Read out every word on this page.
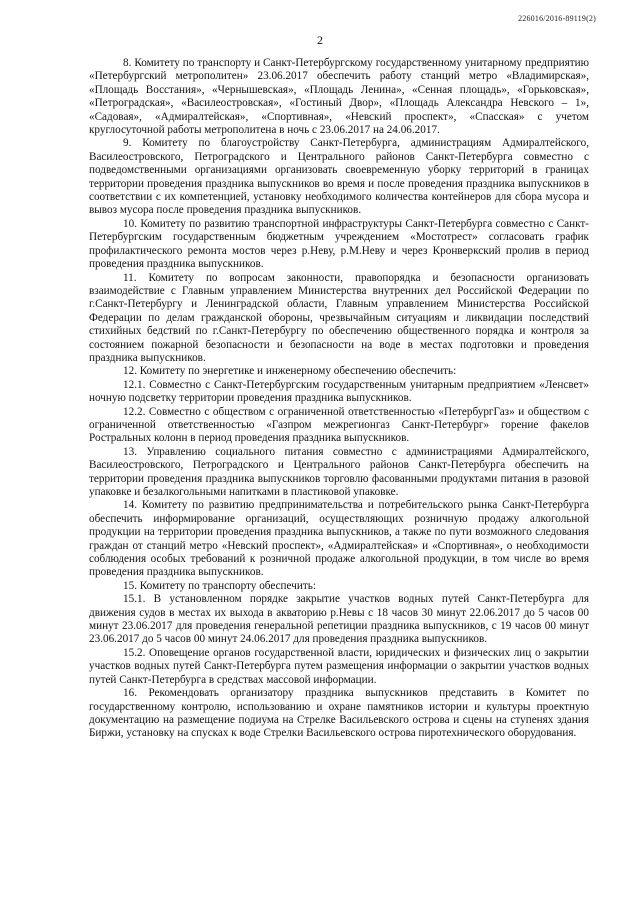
226016/2016-89119(2)
2

8. Комитету по транспорту и Санкт-Петербургскому государственному унитарному предприятию «Петербургский метрополитен» 23.06.2017 обеспечить работу станций метро «Владимирская», «Площадь Восстания», «Чернышевская», «Площадь Ленина», «Сенная площадь», «Горьковская», «Петроградская», «Василеостровская», «Гостиный Двор», «Площадь Александра Невского – 1», «Садовая», «Адмиралтейская», «Спортивная», «Невский проспект», «Спасская» с учетом круглосуточной работы метрополитена в ночь с 23.06.2017 на 24.06.2017.

9. Комитету по благоустройству Санкт-Петербурга, администрациям Адмиралтейского, Василеостровского, Петроградского и Центрального районов Санкт-Петербурга совместно с подведомственными организациями организовать своевременную уборку территорий в границах территории проведения праздника выпускников во время и после проведения праздника выпускников в соответствии с их компетенцией, установку необходимого количества контейнеров для сбора мусора и вывоз мусора после проведения праздника выпускников.

10. Комитету по развитию транспортной инфраструктуры Санкт-Петербурга совместно с Санкт-Петербургским государственным бюджетным учреждением «Мостотрест» согласовать график профилактического ремонта мостов через р.Неву, р.М.Неву и через Кронверкский пролив в период проведения праздника выпускников.

11. Комитету по вопросам законности, правопорядка и безопасности организовать взаимодействие с Главным управлением Министерства внутренних дел Российской Федерации по г.Санкт-Петербургу и Ленинградской области, Главным управлением Министерства Российской Федерации по делам гражданской обороны, чрезвычайным ситуациям и ликвидации последствий стихийных бедствий по г.Санкт-Петербургу по обеспечению общественного порядка и контроля за состоянием пожарной безопасности и безопасности на воде в местах подготовки и проведения праздника выпускников.

12. Комитету по энергетике и инженерному обеспечению обеспечить:

12.1. Совместно с Санкт-Петербургским государственным унитарным предприятием «Ленсвет» ночную подсветку территории проведения праздника выпускников.

12.2. Совместно с обществом с ограниченной ответственностью «ПетербургГаз» и обществом с ограниченной ответственностью «Газпром межрегионгаз Санкт-Петербург» горение факелов Ростральных колонн в период проведения праздника выпускников.

13. Управлению социального питания совместно с администрациями Адмиралтейского, Василеостровского, Петроградского и Центрального районов Санкт-Петербурга обеспечить на территории проведения праздника выпускников торговлю фасованными продуктами питания в разовой упаковке и безалкогольными напитками в пластиковой упаковке.

14. Комитету по развитию предпринимательства и потребительского рынка Санкт-Петербурга обеспечить информирование организаций, осуществляющих розничную продажу алкогольной продукции на территории проведения праздника выпускников, а также по пути возможного следования граждан от станций метро «Невский проспект», «Адмиралтейская» и «Спортивная», о необходимости соблюдения особых требований к розничной продаже алкогольной продукции, в том числе во время проведения праздника выпускников.

15. Комитету по транспорту обеспечить:

15.1. В установленном порядке закрытие участков водных путей Санкт-Петербурга для движения судов в местах их выхода в акваторию р.Невы с 18 часов 30 минут 22.06.2017 до 5 часов 00 минут 23.06.2017 для проведения генеральной репетиции праздника выпускников, с 19 часов 00 минут 23.06.2017 до 5 часов 00 минут 24.06.2017 для проведения праздника выпускников.

15.2. Оповещение органов государственной власти, юридических и физических лиц о закрытии участков водных путей Санкт-Петербурга путем размещения информации о закрытии участков водных путей Санкт-Петербурга в средствах массовой информации.

16. Рекомендовать организатору праздника выпускников представить в Комитет по государственному контролю, использованию и охране памятников истории и культуры проектную документацию на размещение подиума на Стрелке Васильевского острова и сцены на ступенях здания Биржи, установку на спусках к воде Стрелки Васильевского острова пиротехнического оборудования.
